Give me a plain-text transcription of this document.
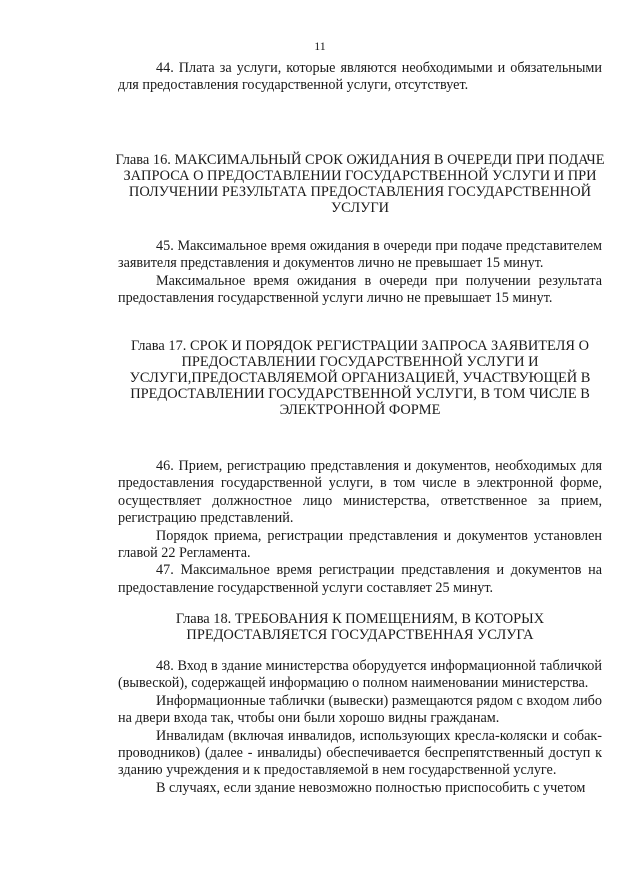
11

44. Плата за услуги, которые являются необходимыми и обязательными для предоставления государственной услуги, отсутствует.

Глава 16. МАКСИМАЛЬНЫЙ СРОК ОЖИДАНИЯ В ОЧЕРЕДИ ПРИ ПОДАЧЕ ЗАПРОСА О ПРЕДОСТАВЛЕНИИ ГОСУДАРСТВЕННОЙ УСЛУГИ И ПРИ ПОЛУЧЕНИИ РЕЗУЛЬТАТА ПРЕДОСТАВЛЕНИЯ ГОСУДАРСТВЕННОЙ УСЛУГИ

45. Максимальное время ожидания в очереди при подаче представителем заявителя представления и документов лично не превышает 15 минут.

Максимальное время ожидания в очереди при получении результата предоставления государственной услуги лично не превышает 15 минут.

Глава 17. СРОК И ПОРЯДОК РЕГИСТРАЦИИ ЗАПРОСА ЗАЯВИТЕЛЯ О ПРЕДОСТАВЛЕНИИ ГОСУДАРСТВЕННОЙ УСЛУГИ И УСЛУГИ,ПРЕДОСТАВЛЯЕМОЙ ОРГАНИЗАЦИЕЙ, УЧАСТВУЮЩЕЙ В ПРЕДОСТАВЛЕНИИ ГОСУДАРСТВЕННОЙ УСЛУГИ, В ТОМ ЧИСЛЕ В ЭЛЕКТРОННОЙ ФОРМЕ

46. Прием, регистрацию представления и документов, необходимых для предоставления государственной услуги, в том числе в электронной форме, осуществляет должностное лицо министерства, ответственное за прием, регистрацию представлений.

Порядок приема, регистрации представления и документов установлен главой 22 Регламента.

47. Максимальное время регистрации представления и документов на предоставление государственной услуги составляет 25 минут.

Глава 18. ТРЕБОВАНИЯ К ПОМЕЩЕНИЯМ, В КОТОРЫХ ПРЕДОСТАВЛЯЕТСЯ ГОСУДАРСТВЕННАЯ УСЛУГА

48. Вход в здание министерства оборудуется информационной табличкой (вывеской), содержащей информацию о полном наименовании министерства.

Информационные таблички (вывески) размещаются рядом с входом либо на двери входа так, чтобы они были хорошо видны гражданам.

Инвалидам (включая инвалидов, использующих кресла-коляски и собак-проводников) (далее - инвалиды) обеспечивается беспрепятственный доступ к зданию учреждения и к предоставляемой в нем государственной услуге.

В случаях, если здание невозможно полностью приспособить с учетом
